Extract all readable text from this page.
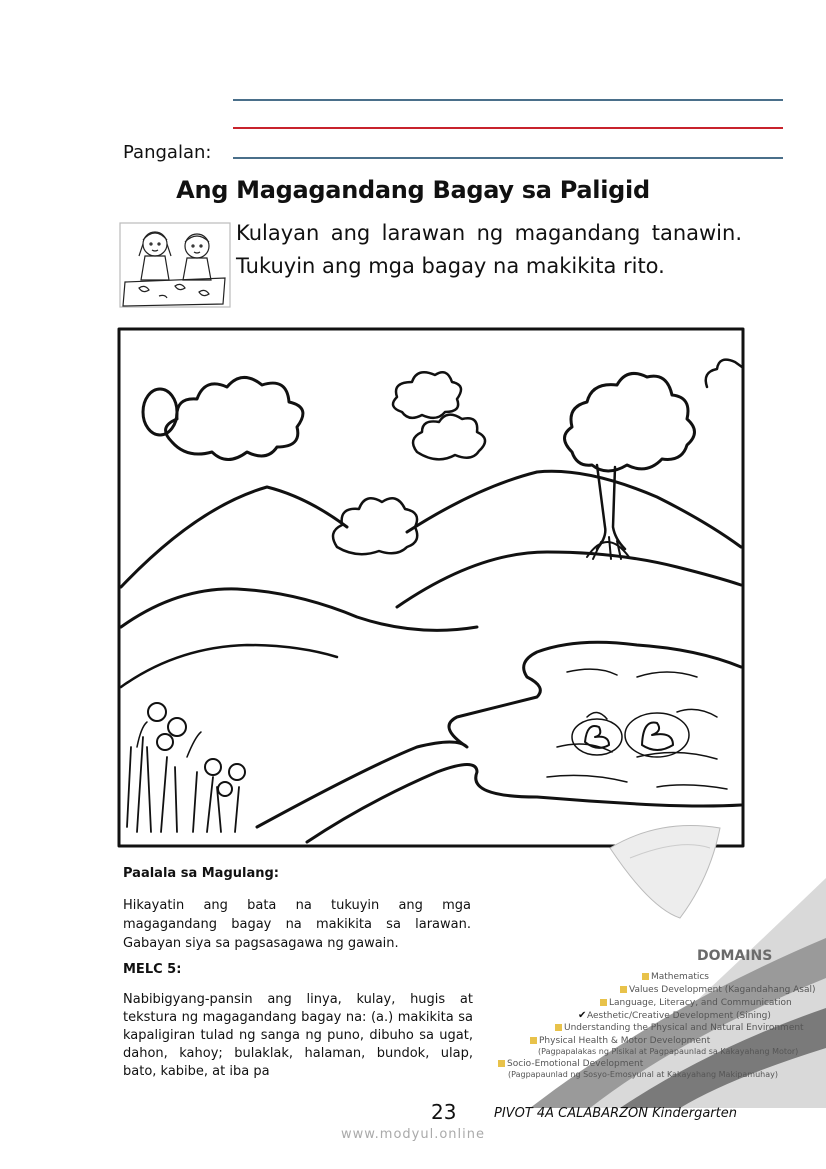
Pangalan:
Ang Magagandang Bagay sa Paligid
Kulayan ang larawan ng magandang tanawin. Tukuyin ang mga bagay na makikita rito.
Paalala sa Magulang:
Hikayatin ang bata na tukuyin ang mga magagandang bagay na makikita sa larawan. Gabayan siya sa pagsasagawa ng gawain.
MELC 5:
Nabibigyang-pansin ang linya, kulay, hugis at tekstura ng magagandang bagay na: (a.) makikita sa kapaligiran tulad ng sanga ng puno, dibuho sa ugat, dahon, kahoy; bulaklak, halaman, bundok, ulap, bato, kabibe, at iba pa
DOMAINS
Mathematics
Values Development (Kagandahang Asal)
Language, Literacy, and Communication
✔Aesthetic/Creative Development (Sining)
Understanding the Physical and Natural Environment
Physical Health & Motor Development
(Pagpapalakas ng Pisikal at Pagpapaunlad sa Kakayahang Motor)
Socio-Emotional Development
(Pagpapaunlad ng Sosyo-Emosyunal at Kakayahang Makipamuhay)
23	PIVOT 4A CALABARZON Kindergarten
www.modyul.online
